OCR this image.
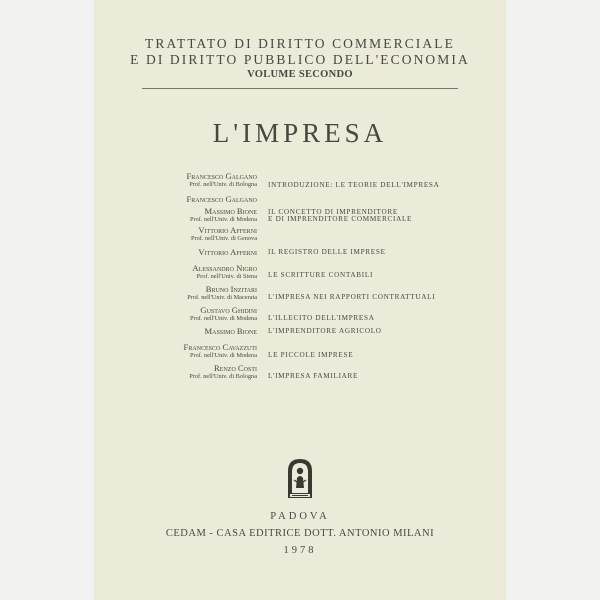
TRATTATO DI DIRITTO COMMERCIALE
E DI DIRITTO PUBBLICO DELL'ECONOMIA
VOLUME SECONDO
L'IMPRESA
Francesco Galgano
Prof. nell'Univ. di Bologna INTRODUZIONE: LE TEORIE DELL'IMPRESA
Francesco Galgano
Massimo Bione
Prof. nell'Univ. di Modena
IL CONCETTO DI IMPRENDITORE
E DI IMPRENDITORE COMMERCIALE
Vittorio Afferni
Prof. nell'Univ. di Genova
Vittorio Afferni IL REGISTRO DELLE IMPRESE
Alessandro Nigro
Prof. nell'Univ. di Siena LE SCRITTURE CONTABILI
Bruno Inzitari
Prof. nell'Univ. di Macerata L'IMPRESA NEI RAPPORTI CONTRATTUALI
Gustavo Ghidini
Prof. nell'Univ. di Modena L'ILLECITO DELL'IMPRESA
Massimo Bione L'IMPRENDITORE AGRICOLO
Francesco Cavazzuti
Prof. nell'Univ. di Modena LE PICCOLE IMPRESE
Renzo Costi
Prof. nell'Univ. di Bologna L'IMPRESA FAMILIARE
PADOVA
CEDAM - CASA EDITRICE DOTT. ANTONIO MILANI
1978
